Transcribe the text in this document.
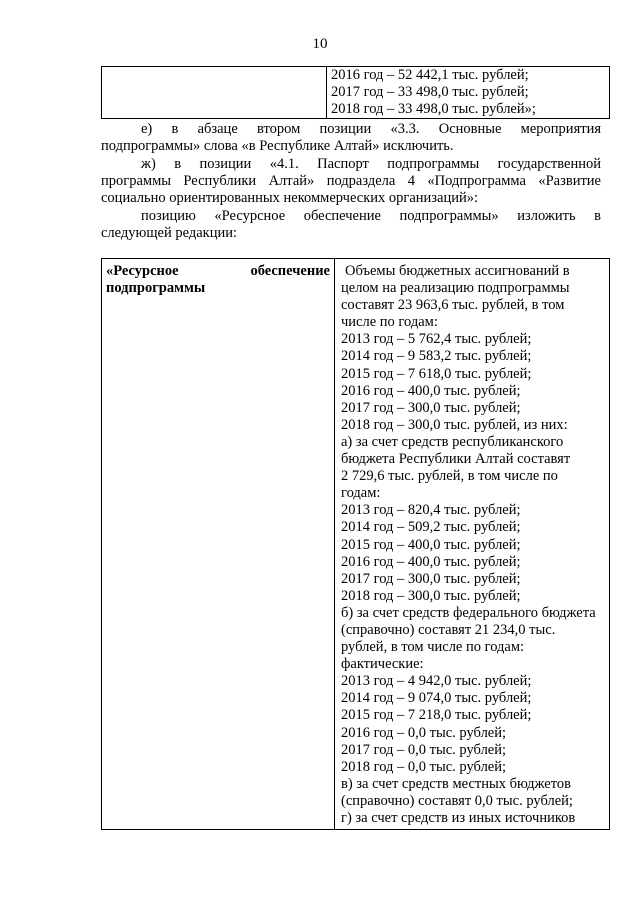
10

2016 год – 52 442,1 тыс. рублей;
2017 год – 33 498,0 тыс. рублей;
2018 год – 33 498,0 тыс. рублей»;
е) в абзаце втором позиции «3.3. Основные мероприятия
подпрограммы» слова «в Республике Алтай» исключить.
ж) в позиции «4.1. Паспорт подпрограммы государственной
программы Республики Алтай» подраздела 4 «Подпрограмма «Развитие
социально ориентированных некоммерческих организаций»:
позицию «Ресурсное обеспечение подпрограммы» изложить в
следующей редакции:
«Ресурсное	обеспечение
подпрограммы

Объемы бюджетных ассигнований в
целом на реализацию подпрограммы
составят 23 963,6 тыс. рублей, в том
числе по годам:
2013 год – 5 762,4 тыс. рублей;
2014 год – 9 583,2 тыс. рублей;
2015 год – 7 618,0 тыс. рублей;
2016 год – 400,0 тыс. рублей;
2017 год – 300,0 тыс. рублей;
2018 год – 300,0 тыс. рублей, из них:
а) за счет средств республиканского
бюджета Республики Алтай составят
2 729,6 тыс. рублей, в том числе по
годам:
2013 год – 820,4 тыс. рублей;
2014 год – 509,2 тыс. рублей;
2015 год – 400,0 тыс. рублей;
2016 год – 400,0 тыс. рублей;
2017 год – 300,0 тыс. рублей;
2018 год – 300,0 тыс. рублей;
б) за счет средств федерального бюджета
(справочно) составят 21 234,0 тыс.
рублей, в том числе по годам:
фактические:
2013 год – 4 942,0 тыс. рублей;
2014 год – 9 074,0 тыс. рублей;
2015 год – 7 218,0 тыс. рублей;
2016 год – 0,0 тыс. рублей;
2017 год – 0,0 тыс. рублей;
2018 год – 0,0 тыс. рублей;
в) за счет средств местных бюджетов
(справочно) составят 0,0 тыс. рублей;
г) за счет средств из иных источников
